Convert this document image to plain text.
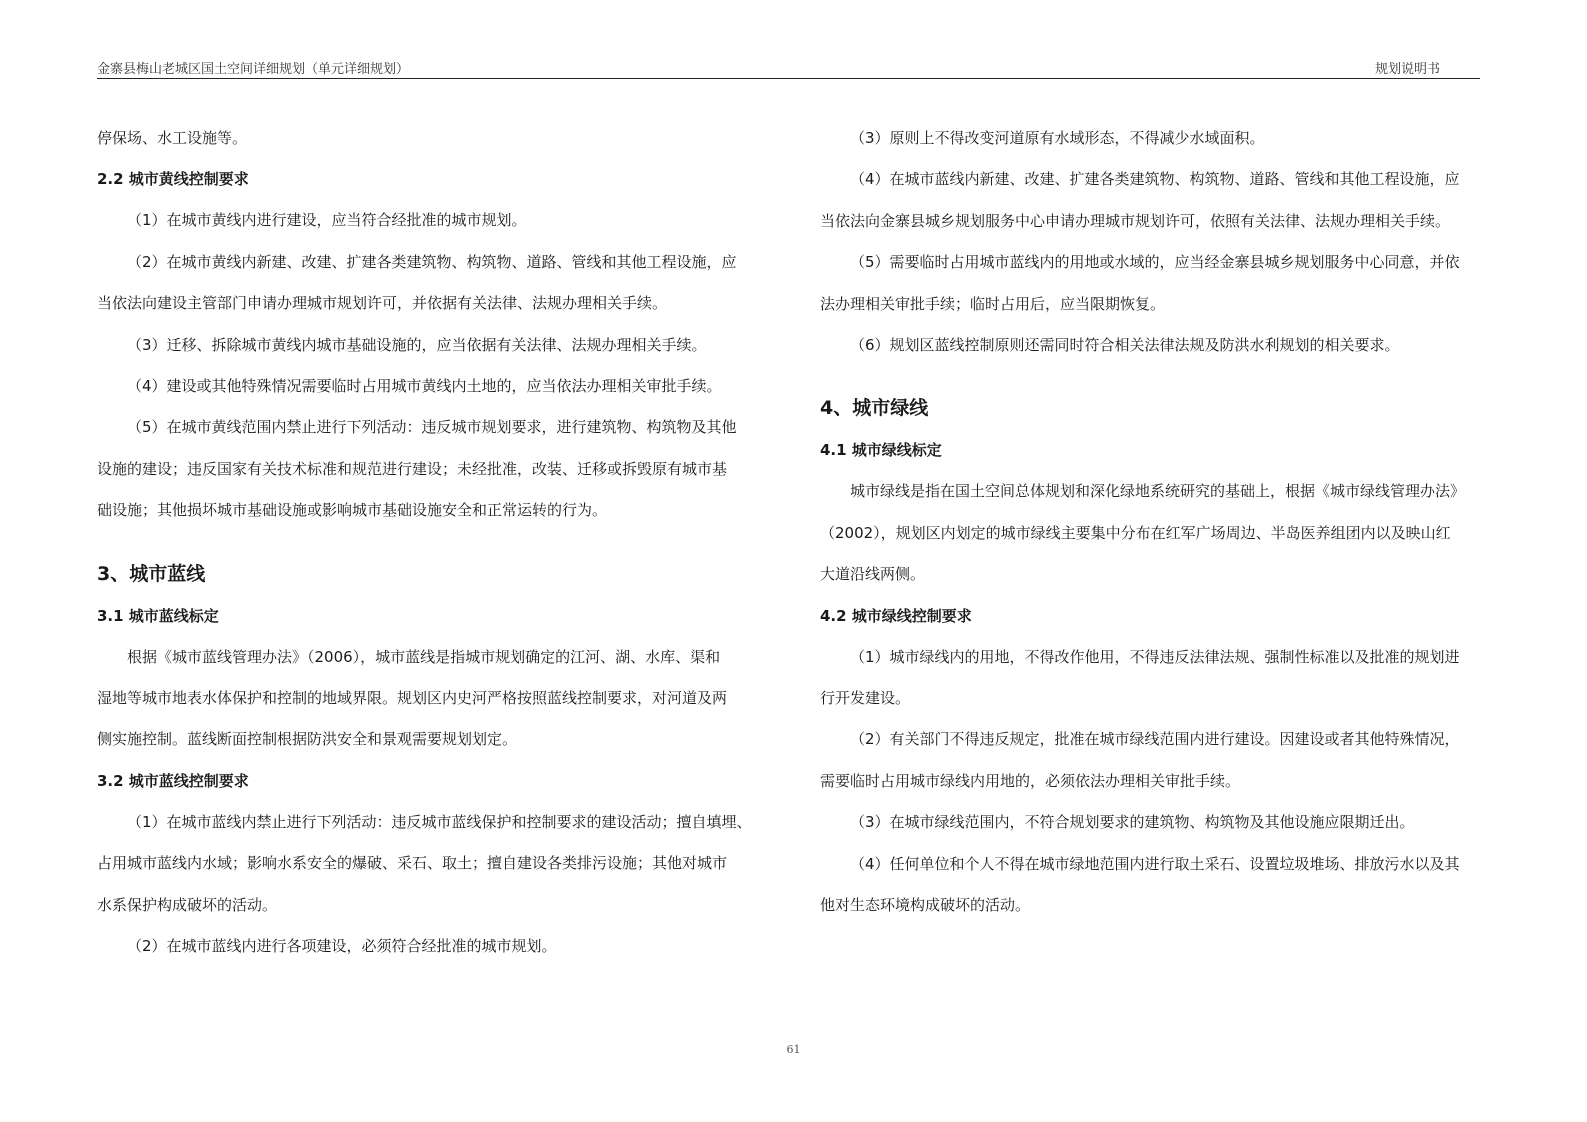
金寨县梅山老城区国土空间详细规划（单元详细规划）	规划说明书

停保场、水工设施等。

2.2 城市黄线控制要求

（1）在城市黄线内进行建设，应当符合经批准的城市规划。

（2）在城市黄线内新建、改建、扩建各类建筑物、构筑物、道路、管线和其他工程设施，应

当依法向建设主管部门申请办理城市规划许可，并依据有关法律、法规办理相关手续。

（3）迁移、拆除城市黄线内城市基础设施的，应当依据有关法律、法规办理相关手续。

（4）建设或其他特殊情况需要临时占用城市黄线内土地的，应当依法办理相关审批手续。

（5）在城市黄线范围内禁止进行下列活动：违反城市规划要求，进行建筑物、构筑物及其他

设施的建设；违反国家有关技术标准和规范进行建设；未经批准，改装、迁移或拆毁原有城市基

础设施；其他损坏城市基础设施或影响城市基础设施安全和正常运转的行为。

3、城市蓝线

3.1 城市蓝线标定

根据《城市蓝线管理办法》（2006），城市蓝线是指城市规划确定的江河、湖、水库、渠和

湿地等城市地表水体保护和控制的地域界限。规划区内史河严格按照蓝线控制要求，对河道及两

侧实施控制。蓝线断面控制根据防洪安全和景观需要规划划定。

3.2 城市蓝线控制要求

（1）在城市蓝线内禁止进行下列活动：违反城市蓝线保护和控制要求的建设活动；擅自填埋、

占用城市蓝线内水域；影响水系安全的爆破、采石、取土；擅自建设各类排污设施；其他对城市

水系保护构成破坏的活动。

（2）在城市蓝线内进行各项建设，必须符合经批准的城市规划。

（3）原则上不得改变河道原有水域形态，不得减少水域面积。

（4）在城市蓝线内新建、改建、扩建各类建筑物、构筑物、道路、管线和其他工程设施，应

当依法向金寨县城乡规划服务中心申请办理城市规划许可，依照有关法律、法规办理相关手续。

（5）需要临时占用城市蓝线内的用地或水域的，应当经金寨县城乡规划服务中心同意，并依

法办理相关审批手续；临时占用后，应当限期恢复。

（6）规划区蓝线控制原则还需同时符合相关法律法规及防洪水利规划的相关要求。

4、城市绿线

4.1 城市绿线标定

城市绿线是指在国土空间总体规划和深化绿地系统研究的基础上，根据《城市绿线管理办法》

（2002），规划区内划定的城市绿线主要集中分布在红军广场周边、半岛医养组团内以及映山红

大道沿线两侧。

4.2 城市绿线控制要求

（1）城市绿线内的用地，不得改作他用，不得违反法律法规、强制性标准以及批准的规划进

行开发建设。

（2）有关部门不得违反规定，批准在城市绿线范围内进行建设。因建设或者其他特殊情况，

需要临时占用城市绿线内用地的，必须依法办理相关审批手续。

（3）在城市绿线范围内，不符合规划要求的建筑物、构筑物及其他设施应限期迁出。

（4）任何单位和个人不得在城市绿地范围内进行取土采石、设置垃圾堆场、排放污水以及其

他对生态环境构成破坏的活动。

61
